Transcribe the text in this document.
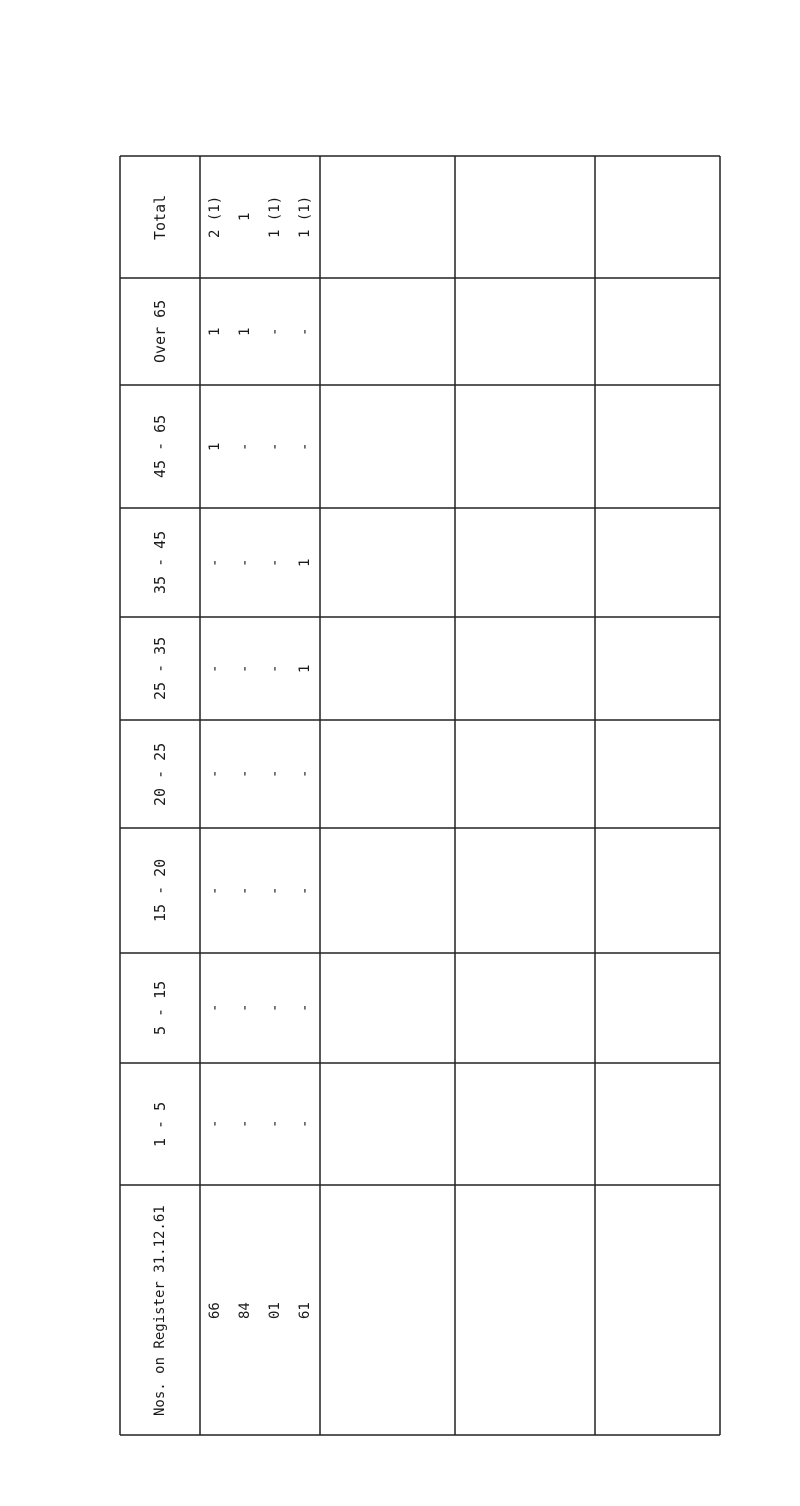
Total
Over 65
45 - 65
35 - 45
25 - 35
20 - 25
15 - 20
5 - 15
1 - 5
Nos. on Register 31.12.61
2 (1) 1 1 (1) 1 (1)
1 1 - -
1 - - -
- - - 1
- - - 1
- - - -
- - - -
- - - -
- - - -
66 84 01 61
